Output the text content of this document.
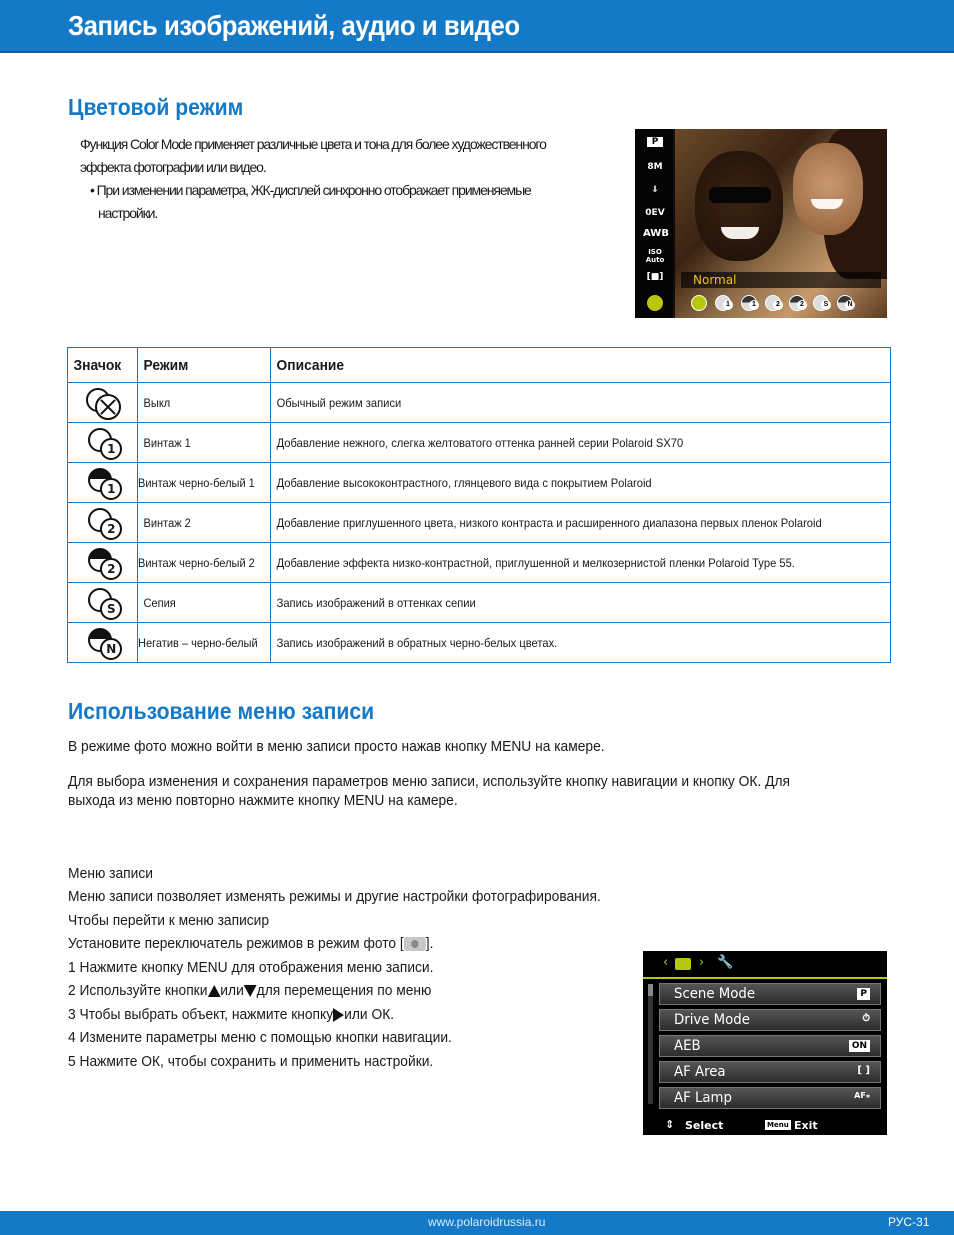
Запись изображений, аудио и видео
Цветовой режим
Функция Color Mode применяет различные цвета и тона для более художественного
эффекта фотографии или видео.
• При изменении параметра, ЖК-дисплей синхронно отображает применяемые
настройки.
P
8M
⇓
0EV
AWB
ISO Auto
[■]	Normal
1	1	2	2	S	N
Значок	Режим	Описание

	Выкл	Обычный режим записи

1	Винтаж 1	Добавление нежного, слегка желтоватого оттенка ранней серии Polaroid SX70

1	Винтаж черно-белый 1	Добавление высококонтрастного, глянцевого вида с покрытием Polaroid

2	Винтаж 2	Добавление приглушенного цвета, низкого контраста и расширенного диапазона первых пленок Polaroid

2	Винтаж черно-белый 2	Добавление эффекта низко-контрастной, приглушенной и мелкозернистой пленки Polaroid Type 55.

S	Сепия	Запись изображений в оттенках сепии

N	Негатив – черно-белый	Запись изображений в обратных черно-белых цветах.
Использование меню записи
В режиме фото можно войти в меню записи просто нажав кнопку MENU на камере.
Для выбора изменения и сохранения параметров меню записи, используйте кнопку навигации и кнопку ОК. Для
выхода из меню повторно нажмите кнопку MENU на камере.
Меню записи
Меню записи позволяет изменять режимы и другие настройки фотографирования.
Чтобы перейти к меню записир
Установите переключатель режимов в режим фото [ ].
1 Нажмите кнопку MENU для отображения меню записи.
2 Используйте кнопки или для перемещения по меню
3 Чтобы выбрать объект, нажмите кнопку или ОК.
4 Измените параметры меню с помощью кнопки навигации.
5 Нажмите ОК, чтобы сохранить и применить настройки.
‹ › 🔧
Scene Mode	P
Drive Mode	⏱
AEB	ON
AF Area	[ ]
AF Lamp	AF⁎
⇕ Select	Menu Exit
www.polaroidrussia.ru	РУС-31
